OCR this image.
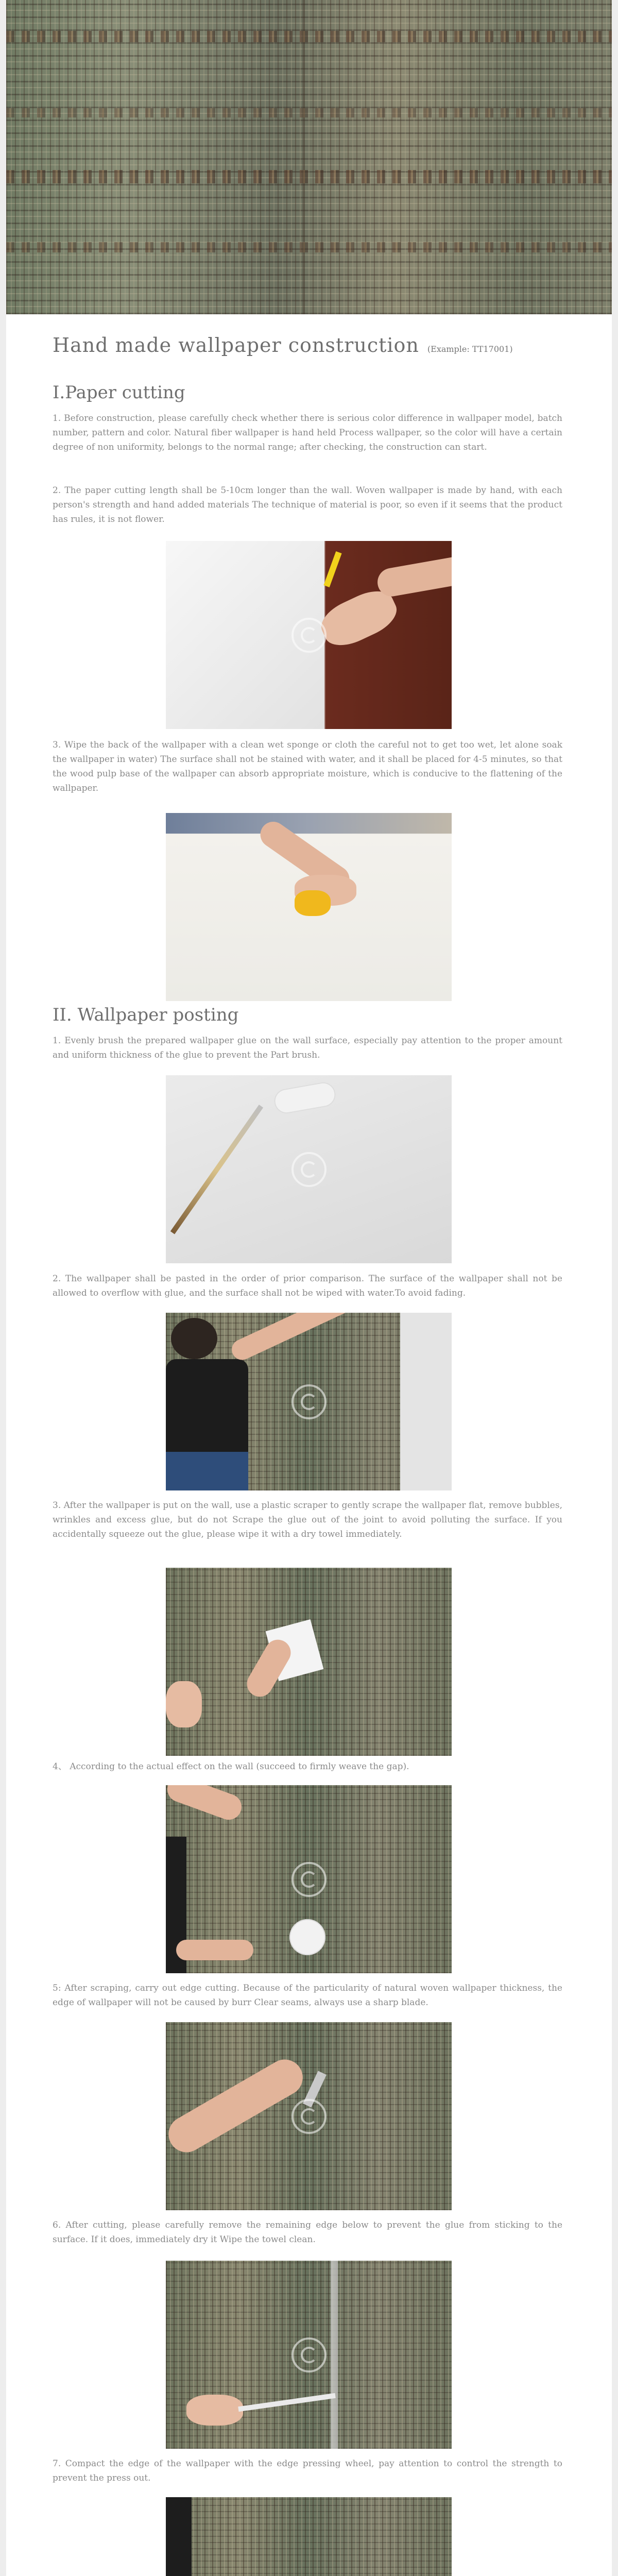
Hand made wallpaper construction (Example: TT17001)
I.Paper cutting
1. Before construction, please carefully check whether there is serious color difference in wallpaper model, batch number, pattern and color. Natural fiber wallpaper is hand held Process wallpaper, so the color will have a certain degree of non uniformity, belongs to the normal range; after checking, the construction can start.
2. The paper cutting length shall be 5-10cm longer than the wall. Woven wallpaper is made by hand, with each person's strength and hand added materials The technique of material is poor, so even if it seems that the product has rules, it is not flower.
3. Wipe the back of the wallpaper with a clean wet sponge or cloth the careful not to get too wet, let alone soak the wallpaper in water) The surface shall not be stained with water, and it shall be placed for 4-5 minutes, so that the wood pulp base of the wallpaper can absorb appropriate moisture, which is conducive to the flattening of the wallpaper.
II. Wallpaper posting
1. Evenly brush the prepared wallpaper glue on the wall surface, especially pay attention to the proper amount and uniform thickness of the glue to prevent the Part brush.
2. The wallpaper shall be pasted in the order of prior comparison. The surface of the wallpaper shall not be allowed to overflow with glue, and the surface shall not be wiped with water.To avoid fading.
3. After the wallpaper is put on the wall, use a plastic scraper to gently scrape the wallpaper flat, remove bubbles, wrinkles and excess glue, but do not Scrape the glue out of the joint to avoid polluting the surface. If you accidentally squeeze out the glue, please wipe it with a dry towel immediately.
4、 According to the actual effect on the wall (succeed to firmly weave the gap).
5: After scraping, carry out edge cutting. Because of the particularity of natural woven wallpaper thickness, the edge of wallpaper will not be caused by burr Clear seams, always use a sharp blade.
6. After cutting, please carefully remove the remaining edge below to prevent the glue from sticking to the surface. If it does, immediately dry it Wipe the towel clean.
7. Compact the edge of the wallpaper with the edge pressing wheel, pay attention to control the strength to prevent the press out.
